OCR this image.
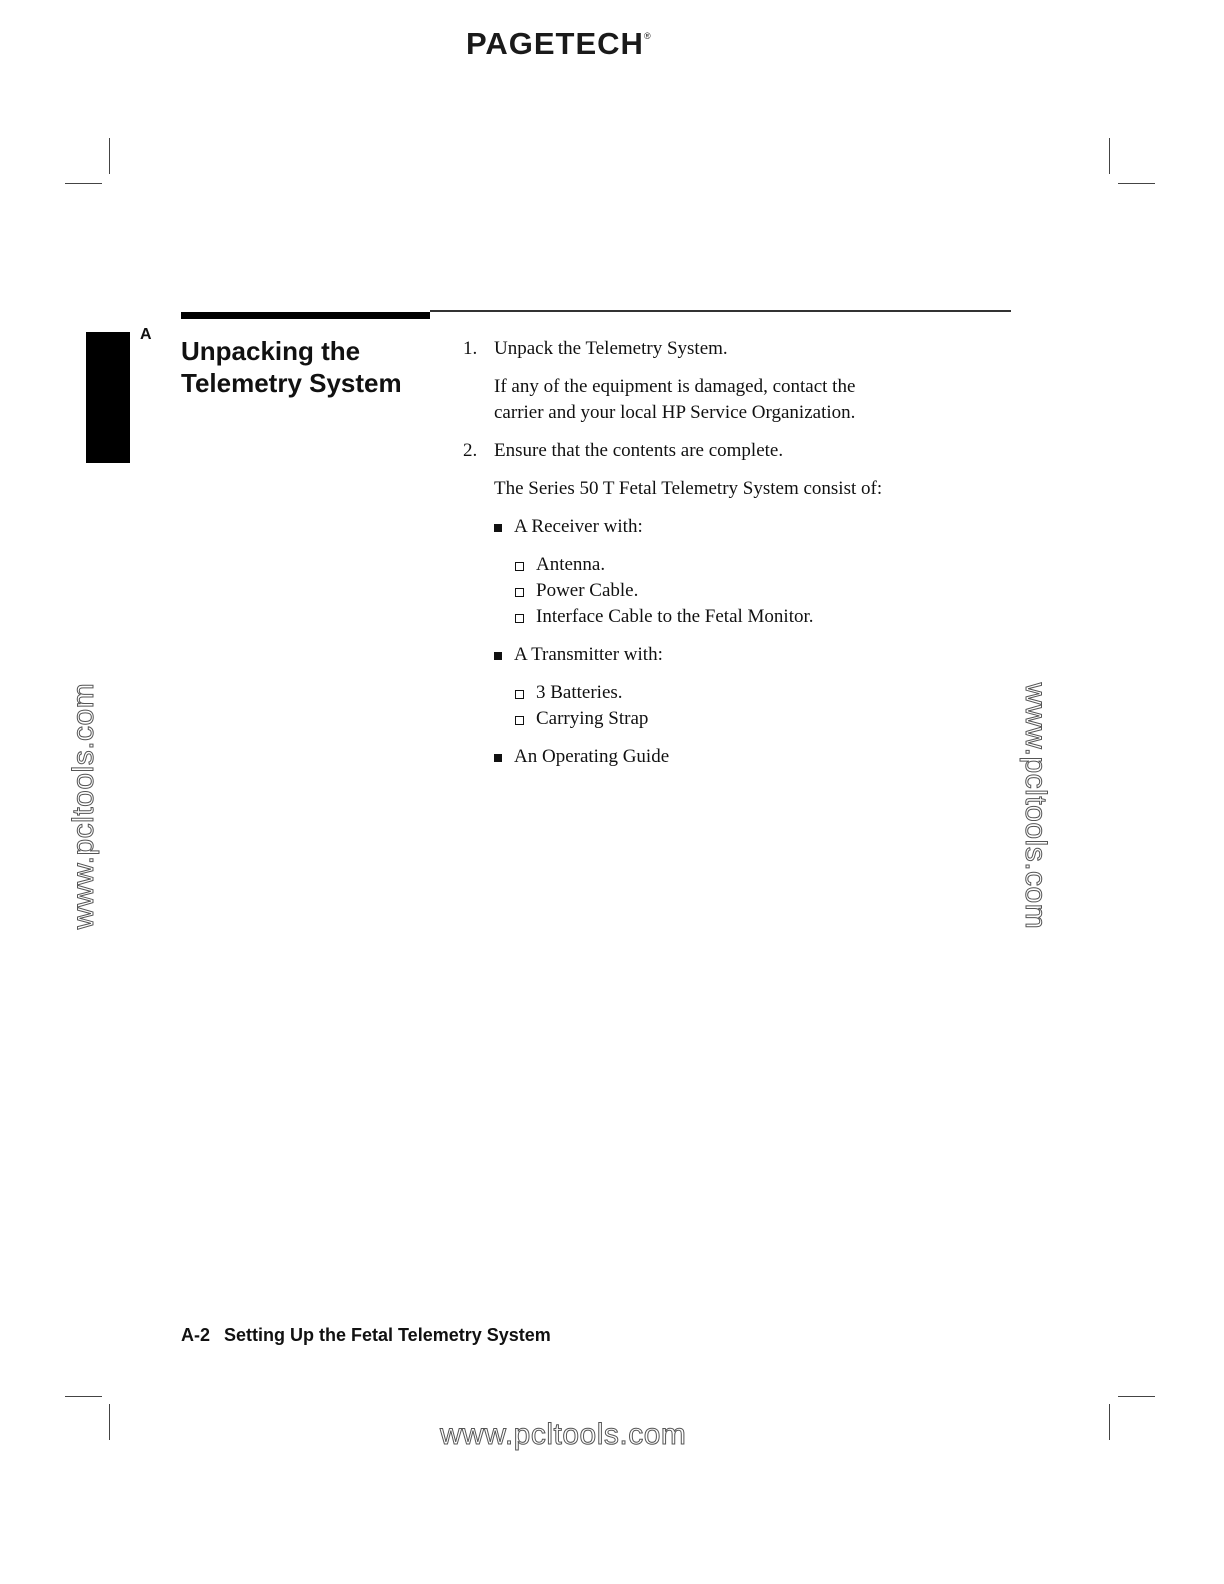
PAGETECH®
A
Unpacking the
Telemetry System
1. Unpack the Telemetry System.
If any of the equipment is damaged, contact the
carrier and your local HP Service Organization.
2. Ensure that the contents are complete.
The Series 50 T Fetal Telemetry System consist of:
A Receiver with:
Antenna.
Power Cable.
Interface Cable to the Fetal Monitor.
A Transmitter with:
3 Batteries.
Carrying Strap
An Operating Guide
www.pcltools.com	www.pcltools.com
A-2 Setting Up the Fetal Telemetry System
www.pcltools.com
